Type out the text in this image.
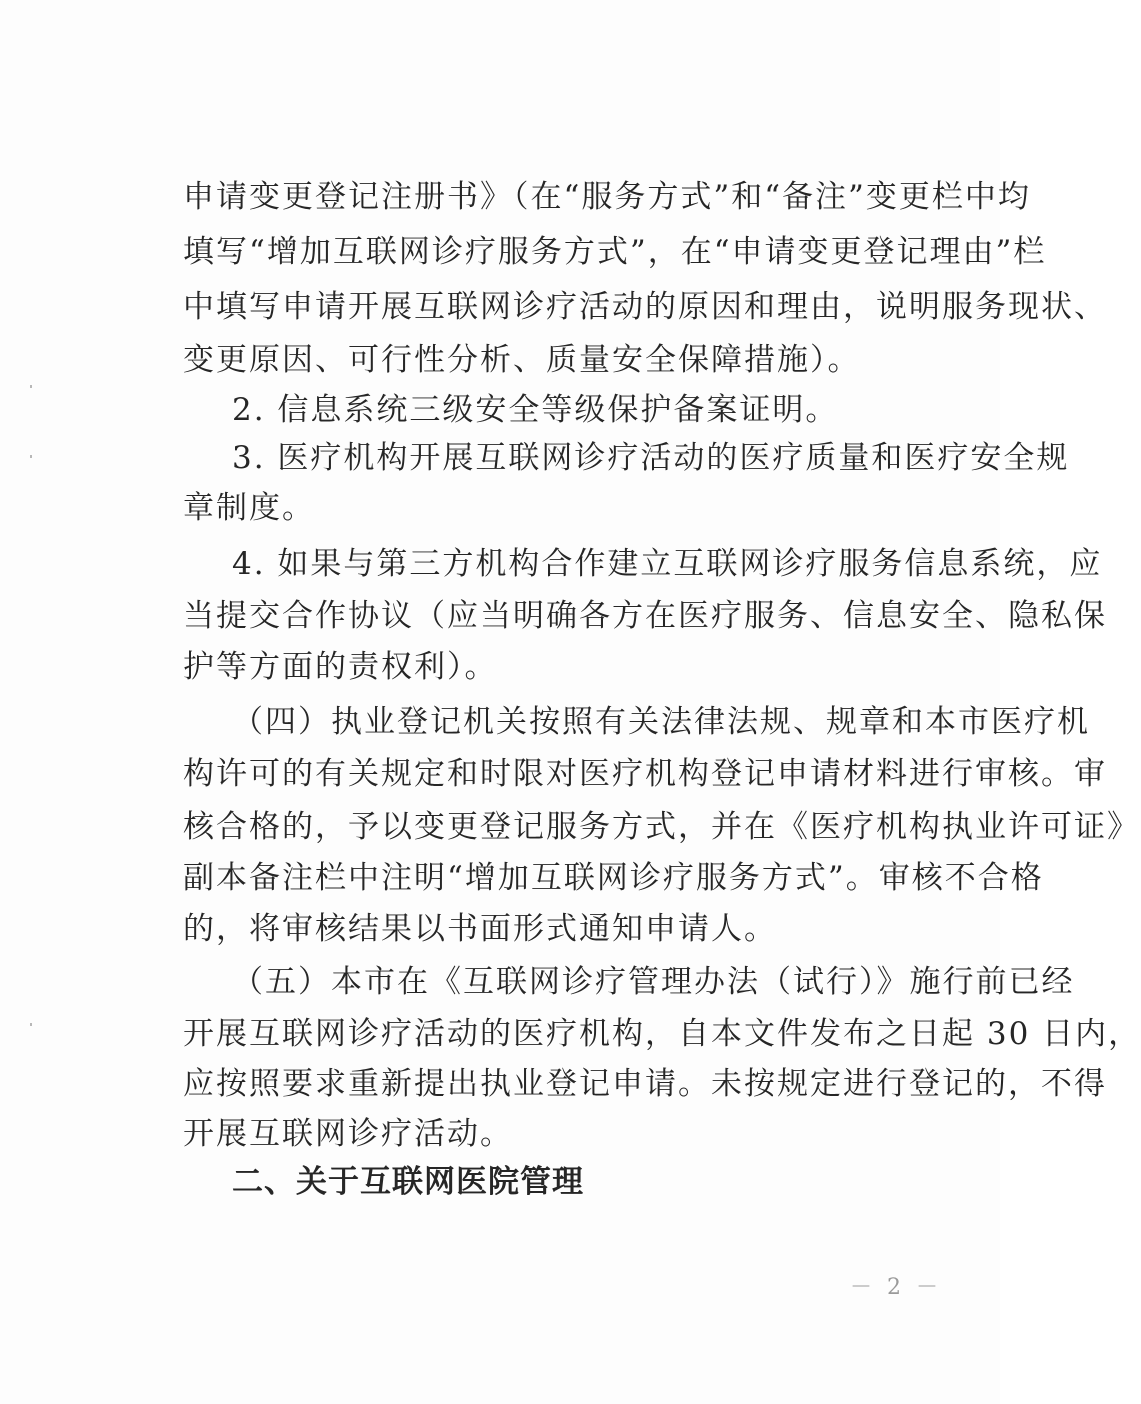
申请变更登记注册书》（在“服务方式”和“备注”变更栏中均
填写“增加互联网诊疗服务方式”，在“申请变更登记理由”栏
中填写申请开展互联网诊疗活动的原因和理由，说明服务现状、
变更原因、可行性分析、质量安全保障措施）。
2. 信息系统三级安全等级保护备案证明。
3. 医疗机构开展互联网诊疗活动的医疗质量和医疗安全规
章制度。
4. 如果与第三方机构合作建立互联网诊疗服务信息系统，应
当提交合作协议（应当明确各方在医疗服务、信息安全、隐私保
护等方面的责权利）。
（四）执业登记机关按照有关法律法规、规章和本市医疗机
构许可的有关规定和时限对医疗机构登记申请材料进行审核。审
核合格的，予以变更登记服务方式，并在《医疗机构执业许可证》
副本备注栏中注明“增加互联网诊疗服务方式”。审核不合格
的，将审核结果以书面形式通知申请人。
（五）本市在《互联网诊疗管理办法（试行）》施行前已经
开展互联网诊疗活动的医疗机构，自本文件发布之日起 30 日内，
应按照要求重新提出执业登记申请。未按规定进行登记的，不得
开展互联网诊疗活动。
二、关于互联网医院管理
－ 2 －
